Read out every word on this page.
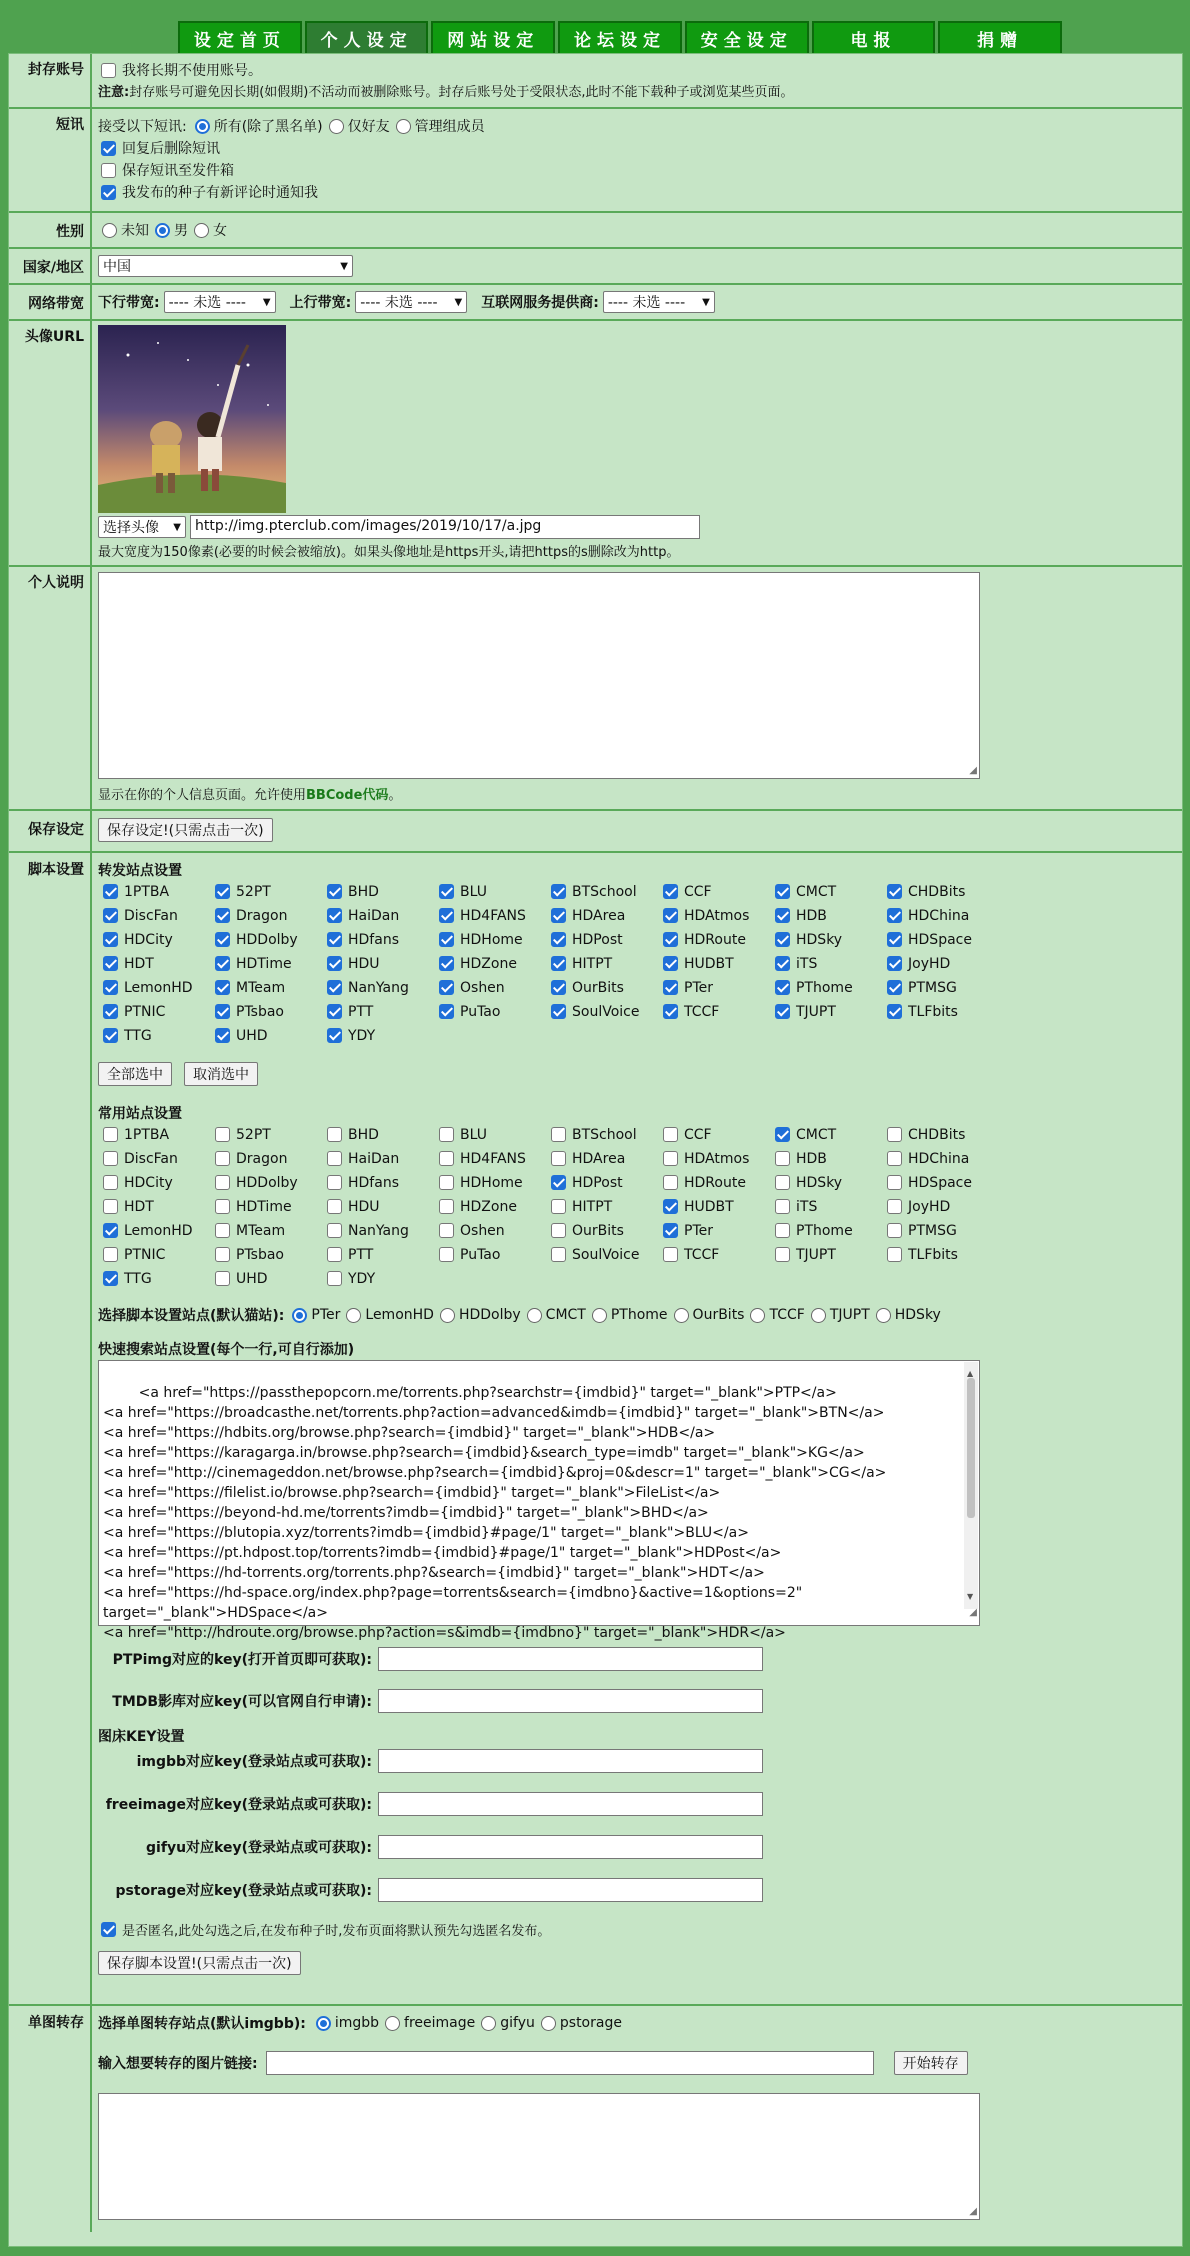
设定首页	个人设定	网站设定	论坛设定	安全设定	电报	捐赠
封存账号	我将长期不使用账号。
注意: 封存账号可避免因长期(如假期)不活动而被删除账号。封存后账号处于受限状态,此时不能下载种子或浏览某些页面。
短讯	接受以下短讯: 所有(除了黑名单) 仅好友 管理组成员
回复后删除短讯
保存短讯至发件箱
我发布的种子有新评论时通知我
性别	未知 男 女
国家/地区	中国	▼
网络带宽	下行带宽: ---- 未选 ---- ▼ 上行带宽: ---- 未选 ---- ▼ 互联网服务提供商: ---- 未选 ---- ▼
头像URL
选择头像 ▼	http://img.pterclub.com/images/2019/10/17/a.jpg
最大宽度为150像素(必要的时候会被缩放)。如果头像地址是https开头,请把https的s删除改为http。
个人说明
◢
显示在你的个人信息页面。允许使用BBCode代码。
保存设定	保存设定!(只需点击一次)
脚本设置	转发站点设置
1PTBA	52PT	BHD	BLU	BTSchool	CCF	CMCT	CHDBits
DiscFan	Dragon	HaiDan	HD4FANS	HDArea	HDAtmos	HDB	HDChina
HDCity	HDDolby	HDfans	HDHome	HDPost	HDRoute	HDSky	HDSpace
HDT	HDTime	HDU	HDZone	HITPT	HUDBT	iTS	JoyHD
LemonHD	MTeam	NanYang	Oshen	OurBits	PTer	PThome	PTMSG
PTNIC	PTsbao	PTT	PuTao	SoulVoice	TCCF	TJUPT	TLFbits
TTG	UHD	YDY
全部选中	取消选中
常用站点设置
1PTBA	52PT	BHD	BLU	BTSchool	CCF	CMCT	CHDBits
DiscFan	Dragon	HaiDan	HD4FANS	HDArea	HDAtmos	HDB	HDChina
HDCity	HDDolby	HDfans	HDHome	HDPost	HDRoute	HDSky	HDSpace
HDT	HDTime	HDU	HDZone	HITPT	HUDBT	iTS	JoyHD
LemonHD	MTeam	NanYang	Oshen	OurBits	PTer	PThome	PTMSG
PTNIC	PTsbao	PTT	PuTao	SoulVoice	TCCF	TJUPT	TLFbits
TTG	UHD	YDY
选择脚本设置站点(默认猫站): PTer LemonHD HDDolby CMCT PThome OurBits TCCF TJUPT HDSky
快速搜索站点设置(每个一行,可自行添加)

<a href="https://passthepopcorn.me/torrents.php?searchstr={imdbid}" target="_blank">PTP</a>
<a href="https://broadcasthe.net/torrents.php?action=advanced&imdb={imdbid}" target="_blank">BTN</a>
<a href="https://hdbits.org/browse.php?search={imdbid}" target="_blank">HDB</a>
<a href="https://karagarga.in/browse.php?search={imdbid}&search_type=imdb" target="_blank">KG</a>
<a href="http://cinemageddon.net/browse.php?search={imdbid}&proj=0&descr=1" target="_blank">CG</a>
<a href="https://filelist.io/browse.php?search={imdbid}" target="_blank">FileList</a>
<a href="https://beyond-hd.me/torrents?imdb={imdbid}" target="_blank">BHD</a>
<a href="https://blutopia.xyz/torrents?imdb={imdbid}#page/1" target="_blank">BLU</a>
<a href="https://pt.hdpost.top/torrents?imdb={imdbid}#page/1" target="_blank">HDPost</a>
<a href="https://hd-torrents.org/torrents.php?&search={imdbid}" target="_blank">HDT</a>
<a href="https://hd-space.org/index.php?page=torrents&search={imdbno}&active=1&options=2"
target="_blank">HDSpace</a>
<a href="http://hdroute.org/browse.php?action=s&imdb={imdbno}" target="_blank">HDR</a>

▲
▼

◢

PTPimg对应的key(打开首页即可获取):
TMDB影库对应key(可以官网自行申请):
图床KEY设置
imgbb对应key(登录站点或可获取):
freeimage对应key(登录站点或可获取):
gifyu对应key(登录站点或可获取):
pstorage对应key(登录站点或可获取):
是否匿名,此处勾选之后,在发布种子时,发布页面将默认预先勾选匿名发布。
保存脚本设置!(只需点击一次)
单图转存	选择单图转存站点(默认imgbb): imgbb freeimage gifyu pstorage
输入想要转存的图片链接:	开始转存
◢
